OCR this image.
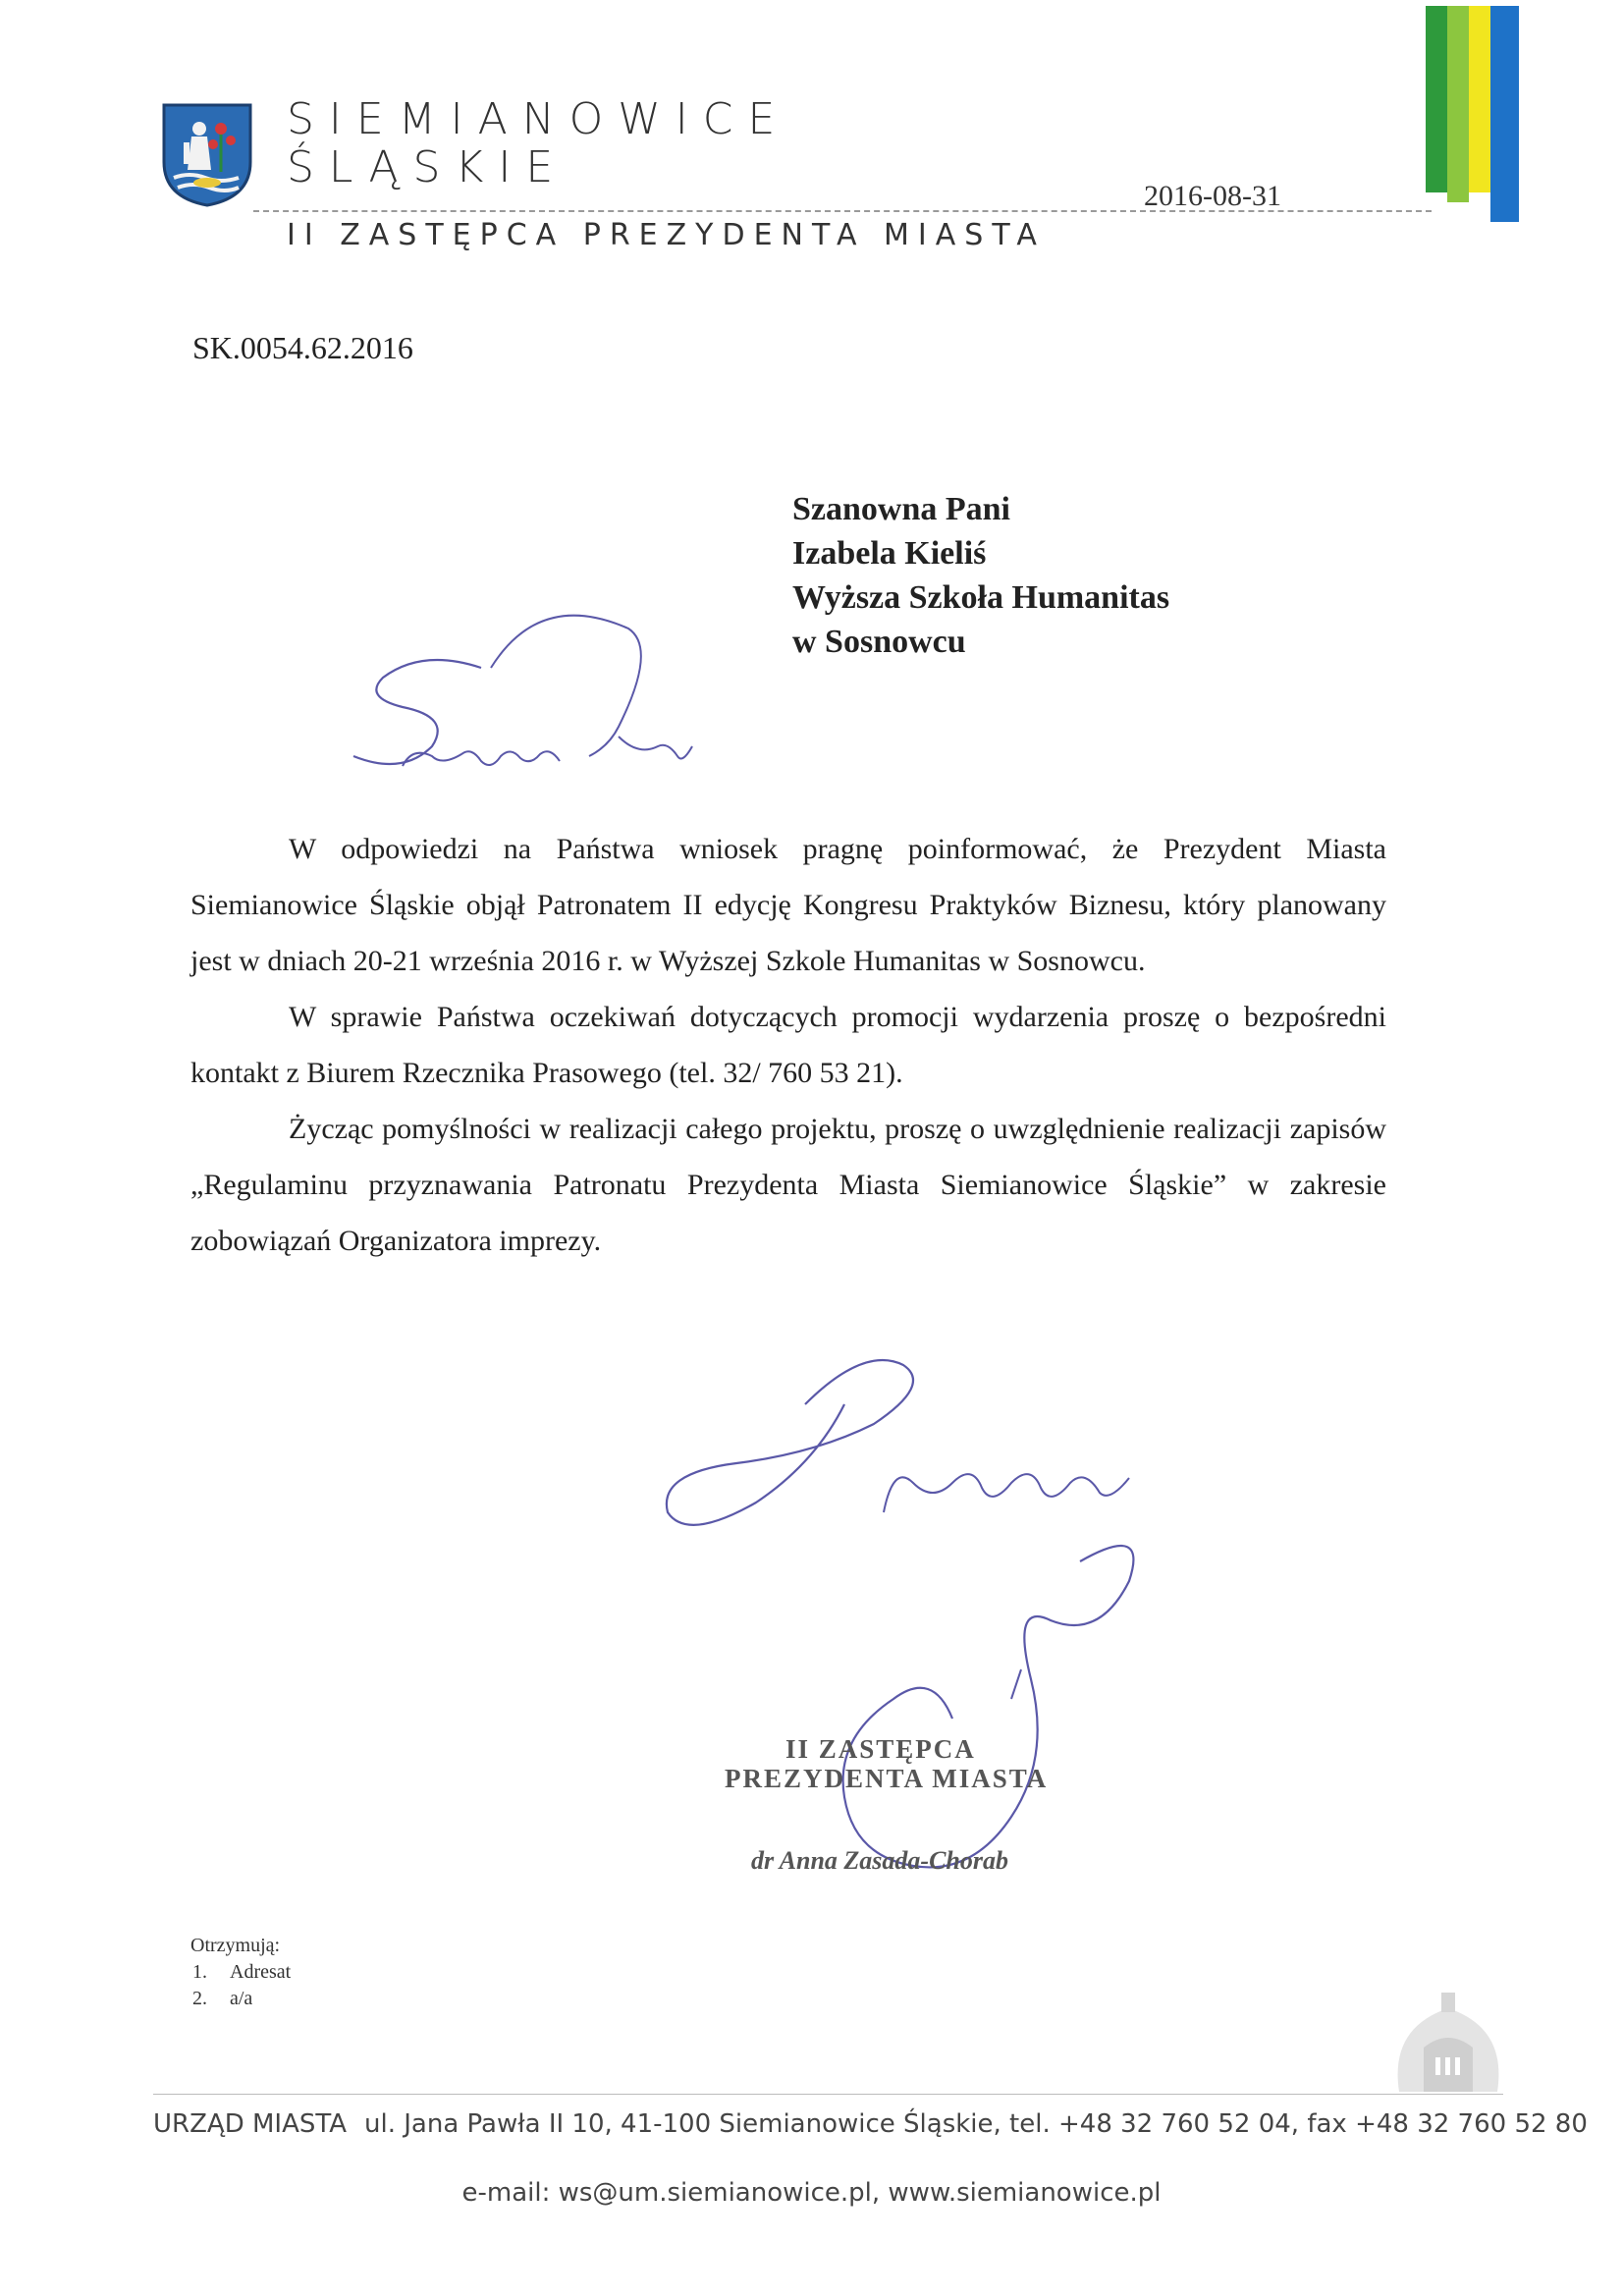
SIEMIANOWICE
ŚLĄSKIE
2016-08-31
II ZASTĘPCA PREZYDENTA MIASTA
SK.0054.62.2016
Szanowna Pani
Izabela Kieliś
Wyższa Szkoła Humanitas
w Sosnowcu

W odpowiedzi na Państwa wniosek pragnę poinformować, że Prezydent Miasta Siemianowice Śląskie objął Patronatem II edycję Kongresu Praktyków Biznesu, który planowany jest w dniach 20-21 września 2016 r. w Wyższej Szkole Humanitas w Sosnowcu.

W sprawie Państwa oczekiwań dotyczących promocji wydarzenia proszę o bezpośredni kontakt z Biurem Rzecznika Prasowego (tel. 32/ 760 53 21).

Życząc pomyślności w realizacji całego projektu, proszę o uwzględnienie realizacji zapisów „Regulaminu przyznawania Patronatu Prezydenta Miasta Siemianowice Śląskie” w zakresie zobowiązań Organizatora imprezy.

II ZASTĘPCA
PREZYDENTA MIASTA
dr Anna Zasada-Chorab
Otrzymują:
1. Adresat
2. a/a
URZĄD MIASTA ul. Jana Pawła II 10, 41-100 Siemianowice Śląskie, tel. +48 32 760 52 04, fax +48 32 760 52 80
e-mail: ws@um.siemianowice.pl, www.siemianowice.pl
